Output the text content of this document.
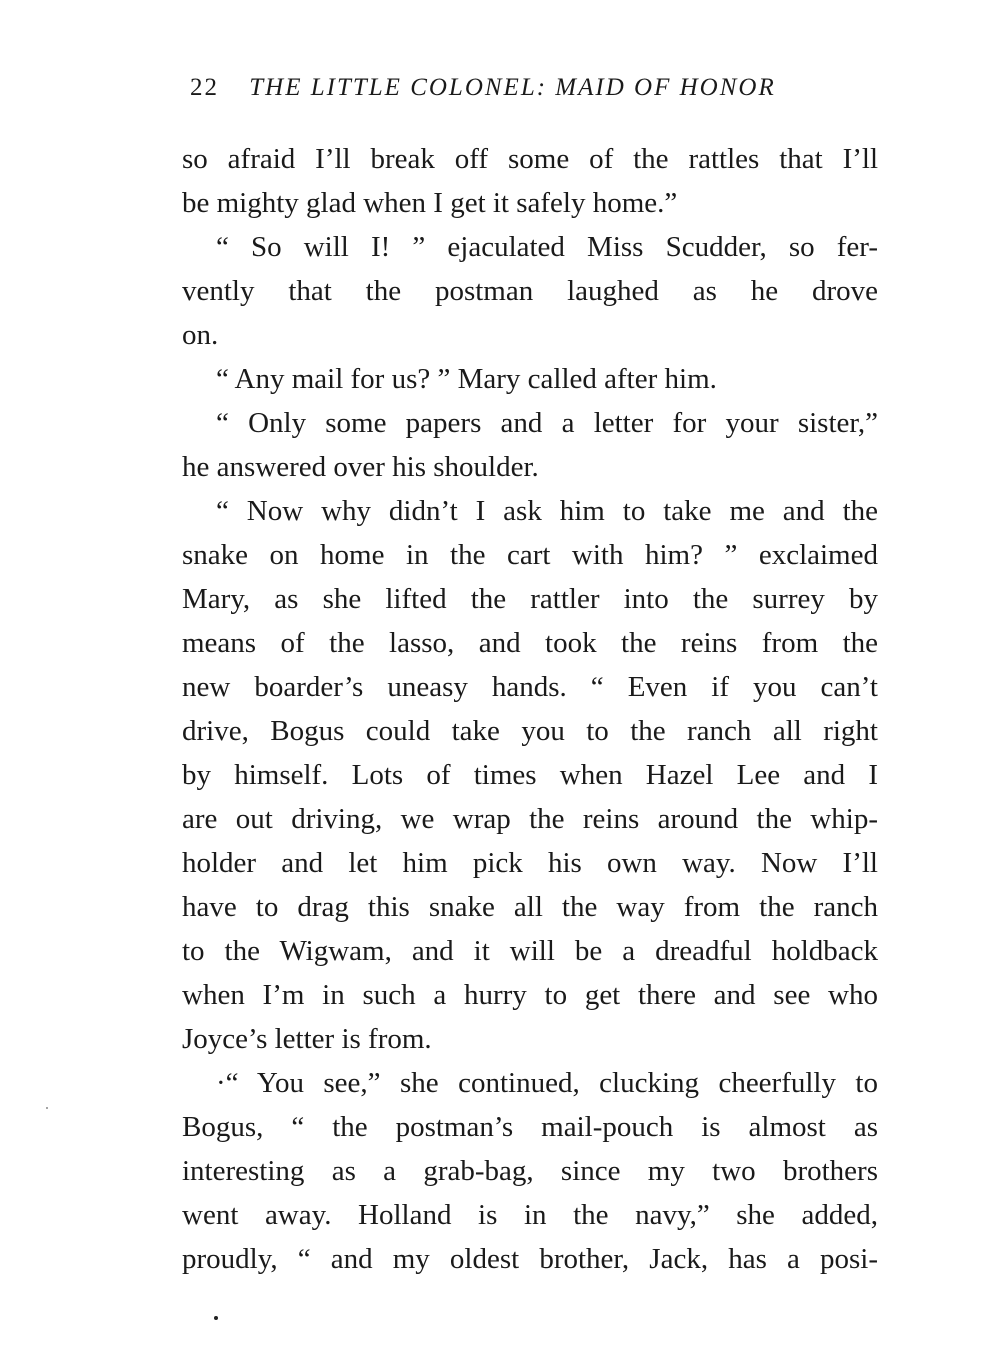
22 THE LITTLE COLONEL: MAID OF HONOR
so afraid I’ll break off some of the rattles that I’ll
be mighty glad when I get it safely home.”
“ So will I! ” ejaculated Miss Scudder, so fer-
vently that the postman laughed as he drove
on.
“ Any mail for us? ” Mary called after him.
“ Only some papers and a letter for your sister,”
he answered over his shoulder.
“ Now why didn’t I ask him to take me and the
snake on home in the cart with him? ” exclaimed
Mary, as she lifted the rattler into the surrey by
means of the lasso, and took the reins from the
new boarder’s uneasy hands. “ Even if you can’t
drive, Bogus could take you to the ranch all right
by himself. Lots of times when Hazel Lee and I
are out driving, we wrap the reins around the whip-
holder and let him pick his own way. Now I’ll
have to drag this snake all the way from the ranch
to the Wigwam, and it will be a dreadful holdback
when I’m in such a hurry to get there and see who
Joyce’s letter is from.
·“ You see,” she continued, clucking cheerfully to
Bogus, “ the postman’s mail-pouch is almost as
interesting as a grab-bag, since my two brothers
went away. Holland is in the navy,” she added,
proudly, “ and my oldest brother, Jack, has a posi-
